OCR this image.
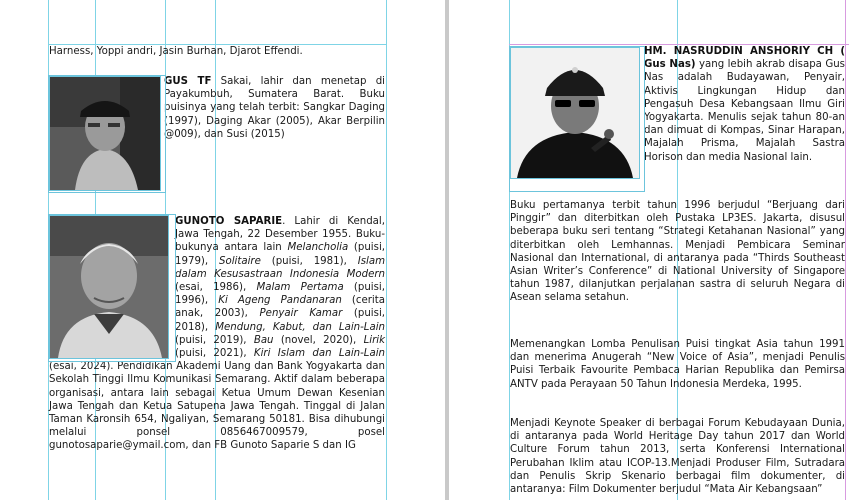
Harness, Yoppi andri, Jasin Burhan, Djarot Effendi.
GUS TF Sakai, lahir dan menetap di Payakumbuh, Sumatera Barat. Buku puisinya yang telah terbit: Sangkar Daging (1997), Daging Akar (2005), Akar Berpilin @009), dan Susi (2015)
GUNOTO SAPARIE. Lahir di Kendal, Jawa Tengah, 22 Desember 1955. Buku-bukunya antara lain Melancholia (puisi, 1979), Solitaire (puisi, 1981), Islam dalam Kesusastraan Indonesia Modern (esai, 1986), Malam Pertama (puisi, 1996), Ki Ageng Pandanaran (cerita anak, 2003), Penyair Kamar (puisi, 2018), Mendung, Kabut, dan Lain-Lain (puisi, 2019), Bau (novel, 2020), Lirik (puisi, 2021), Kiri Islam dan Lain-Lain (esai, 2024). Pendidikan Akademi Uang dan Bank Yogyakarta dan Sekolah Tinggi Ilmu Komunikasi Semarang. Aktif dalam beberapa organisasi, antara lain sebagai Ketua Umum Dewan Kesenian Jawa Tengah dan Ketua Satupena Jawa Tengah. Tinggal di Jalan Taman Karonsih 654, Ngaliyan, Semarang 50181. Bisa dihubungi melalui ponsel 0856467009579, posel gunotosaparie@ymail.com, dan FB Gunoto Saparie S dan IG
HM. NASRUDDIN ANSHORIY CH ( Gus Nas) yang lebih akrab disapa Gus Nas adalah Budayawan, Penyair, Aktivis Lingkungan Hidup dan Pengasuh Desa Kebangsaan Ilmu Giri Yogyakarta. Menulis sejak tahun 80-an dan dimuat di Kompas, Sinar Harapan, Majalah Prisma, Majalah Sastra Horison dan media Nasional lain.
Buku pertamanya terbit tahun 1996 berjudul “Berjuang dari Pinggir” dan diterbitkan oleh Pustaka LP3ES. Jakarta, disusul beberapa buku seri tentang “Strategi Ketahanan Nasional” yang diterbitkan oleh Lemhannas. Menjadi Pembicara Seminar Nasional dan International, di antaranya pada “Thirds Southeast Asian Writer’s Conference” di National University of Singapore tahun 1987, dilanjutkan perjalanan sastra di seluruh Negara di Asean selama setahun.
Memenangkan Lomba Penulisan Puisi tingkat Asia tahun 1991 dan menerima Anugerah “New Voice of Asia”, menjadi Penulis Puisi Terbaik Favourite Pembaca Harian Republika dan Pemirsa ANTV pada Perayaan 50 Tahun Indonesia Merdeka, 1995.
Menjadi Keynote Speaker di berbagai Forum Kebudayaan Dunia, di antaranya pada World Heritage Day tahun 2017 dan World Culture Forum tahun 2013, serta Konferensi International Perubahan Iklim atau ICOP-13.Menjadi Produser Film, Sutradara dan Penulis Skrip Skenario berbagai film dokumenter, di antaranya: Film Dokumenter berjudul “Mata Air Kebangsaan”
